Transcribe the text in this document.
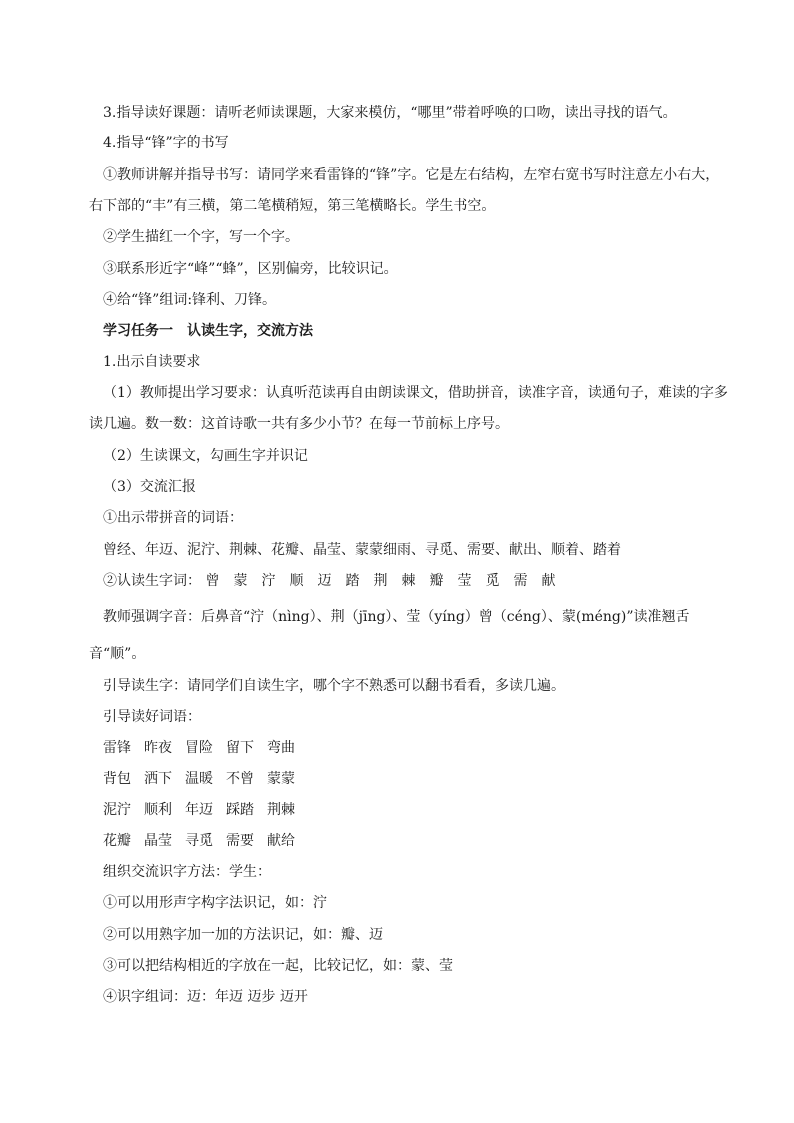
3.指导读好课题：请听老师读课题，大家来模仿，“哪里”带着呼唤的口吻，读出寻找的语气。
4.指导“锋”字的书写
①教师讲解并指导书写：请同学来看雷锋的“锋”字。它是左右结构，左窄右宽书写时注意左小右大，
右下部的“丰”有三横，第二笔横稍短，第三笔横略长。学生书空。
②学生描红一个字，写一个字。
③联系形近字“峰”“蜂”，区别偏旁，比较识记。
④给“锋”组词:锋利、刀锋。
学习任务一　认读生字，交流方法
1.出示自读要求
（1）教师提出学习要求：认真听范读再自由朗读课文，借助拼音，读准字音，读通句子，难读的字多
读几遍。数一数：这首诗歌一共有多少小节？在每一节前标上序号。
（2）生读课文，勾画生字并识记
（3）交流汇报
①出示带拼音的词语：
曾经、年迈、泥泞、荆棘、花瓣、晶莹、蒙蒙细雨、寻觅、需要、献出、顺着、踏着
②认读生字词： 曾 蒙 泞 顺 迈 踏 荆 棘 瓣 莹 觅 需 献
教师强调字音：后鼻音“泞（nìng）、荆（jīng）、莹（yíng）曾（céng）、蒙(méng)”读准翘舌
音“顺”。
引导读生字：请同学们自读生字，哪个字不熟悉可以翻书看看，多读几遍。
引导读好词语：
雷锋 昨夜 冒险 留下 弯曲
背包 洒下 温暖 不曾 蒙蒙
泥泞 顺利 年迈 踩踏 荆棘
花瓣 晶莹 寻觅 需要 献给
组织交流识字方法：学生：
①可以用形声字构字法识记，如：泞
②可以用熟字加一加的方法识记，如：瓣、迈
③可以把结构相近的字放在一起，比较记忆，如：蒙、莹
④识字组词：迈：年迈 迈步 迈开
